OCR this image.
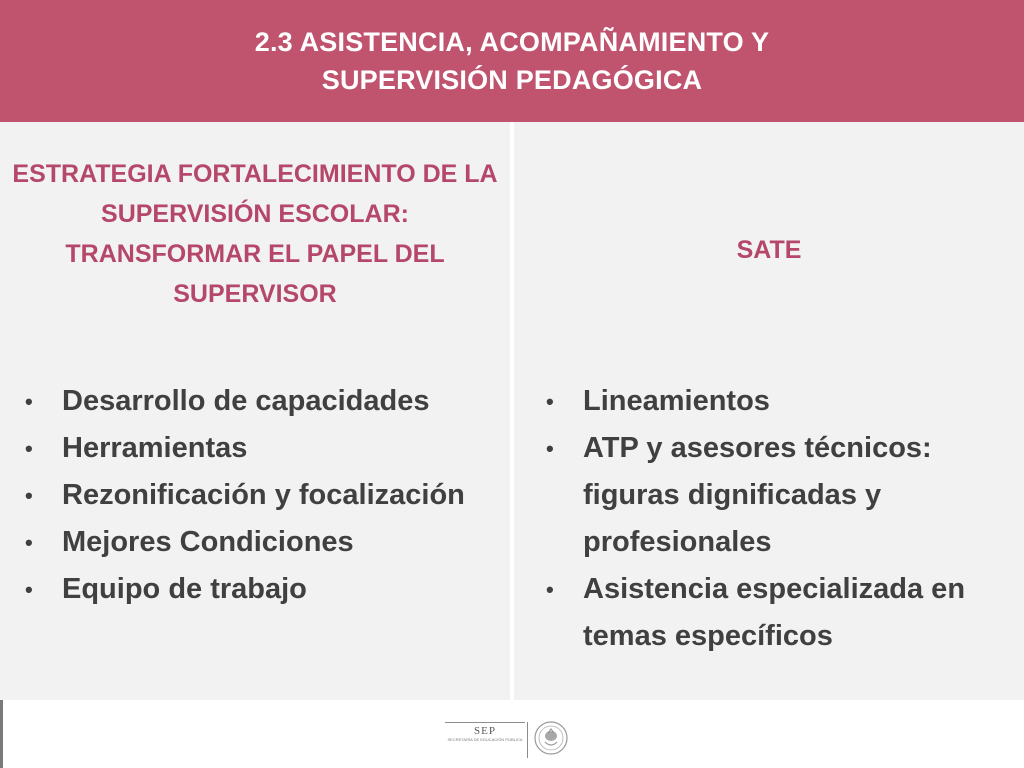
2.3 ASISTENCIA, ACOMPAÑAMIENTO Y
SUPERVISIÓN PEDAGÓGICA
ESTRATEGIA FORTALECIMIENTO DE LA SUPERVISIÓN ESCOLAR: TRANSFORMAR EL PAPEL DEL SUPERVISOR
• Desarrollo de capacidades
• Herramientas
• Rezonificación y focalización
• Mejores Condiciones
• Equipo de trabajo
SATE
• Lineamientos
• ATP y asesores técnicos: figuras dignificadas y profesionales
• Asistencia especializada en temas específicos
SEP
SECRETARÍA DE EDUCACIÓN PÚBLICA
